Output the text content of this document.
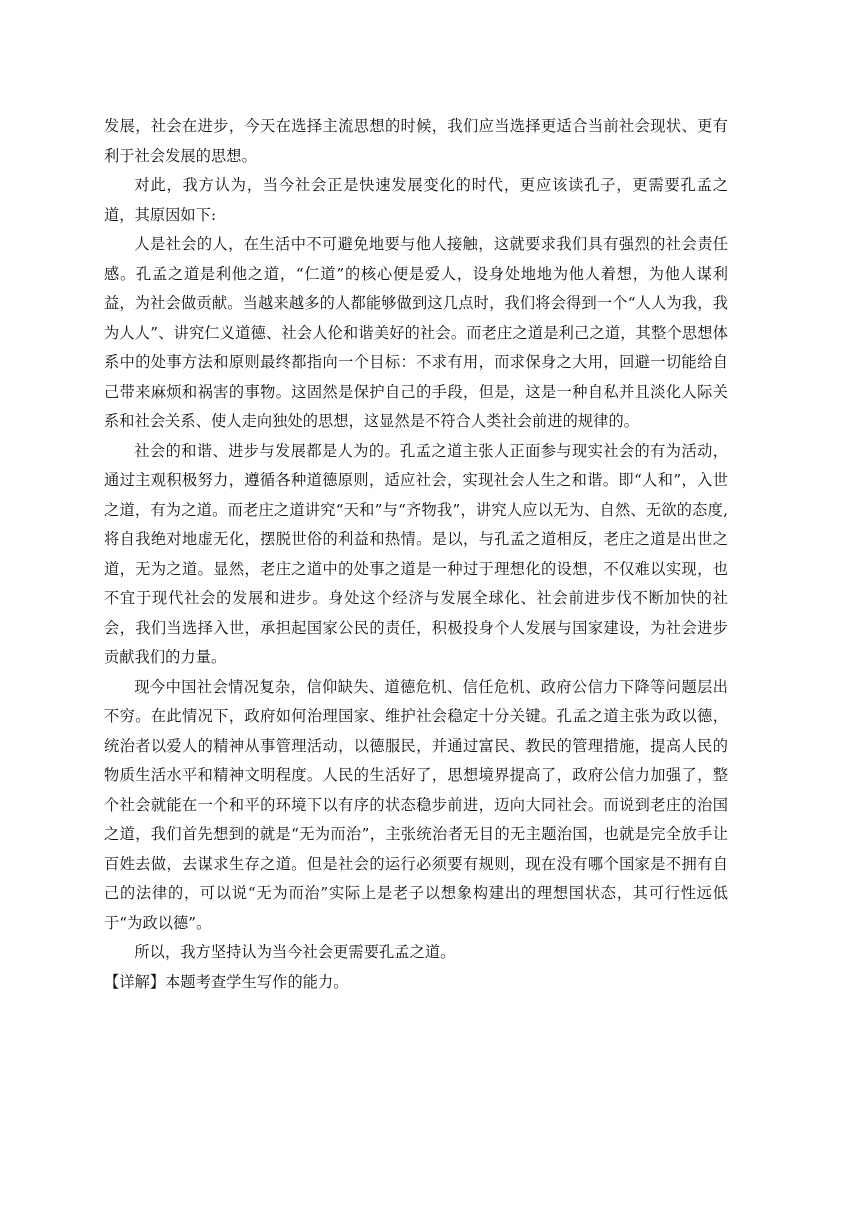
发展，社会在进步，今天在选择主流思想的时候，我们应当选择更适合当前社会现状、更有利于社会发展的思想。

对此，我方认为，当今社会正是快速发展变化的时代，更应该读孔子，更需要孔孟之道，其原因如下:

人是社会的人，在生活中不可避免地要与他人接触，这就要求我们具有强烈的社会责任感。孔孟之道是利他之道，“仁道”的核心便是爱人，设身处地地为他人着想，为他人谋利益，为社会做贡献。当越来越多的人都能够做到这几点时，我们将会得到一个“人人为我，我为人人”、讲究仁义道德、社会人伦和谐美好的社会。而老庄之道是利己之道，其整个思想体系中的处事方法和原则最终都指向一个目标：不求有用，而求保身之大用，回避一切能给自己带来麻烦和祸害的事物。这固然是保护自己的手段，但是，这是一种自私并且淡化人际关系和社会关系、使人走向独处的思想，这显然是不符合人类社会前进的规律的。

社会的和谐、进步与发展都是人为的。孔孟之道主张人正面参与现实社会的有为活动，通过主观积极努力，遵循各种道德原则，适应社会，实现社会人生之和谐。即“人和”，入世之道，有为之道。而老庄之道讲究“天和”与“齐物我”，讲究人应以无为、自然、无欲的态度,将自我绝对地虚无化，摆脱世俗的利益和热情。是以，与孔孟之道相反，老庄之道是出世之道，无为之道。显然，老庄之道中的处事之道是一种过于理想化的设想，不仅难以实现，也不宜于现代社会的发展和进步。身处这个经济与发展全球化、社会前进步伐不断加快的社会，我们当选择入世，承担起国家公民的责任，积极投身个人发展与国家建设，为社会进步贡献我们的力量。

现今中国社会情况复杂，信仰缺失、道德危机、信任危机、政府公信力下降等问题层出不穷。在此情况下，政府如何治理国家、维护社会稳定十分关键。孔孟之道主张为政以德，统治者以爱人的精神从事管理活动，以德服民，并通过富民、教民的管理措施，提高人民的物质生活水平和精神文明程度。人民的生活好了，思想境界提高了，政府公信力加强了，整个社会就能在一个和平的环境下以有序的状态稳步前进，迈向大同社会。而说到老庄的治国之道，我们首先想到的就是“无为而治”，主张统治者无目的无主题治国，也就是完全放手让百姓去做，去谋求生存之道。但是社会的运行必须要有规则，现在没有哪个国家是不拥有自己的法律的，可以说“无为而治”实际上是老子以想象构建出的理想国状态，其可行性远低于“为政以德”。

所以，我方坚持认为当今社会更需要孔孟之道。

【详解】本题考查学生写作的能力。
